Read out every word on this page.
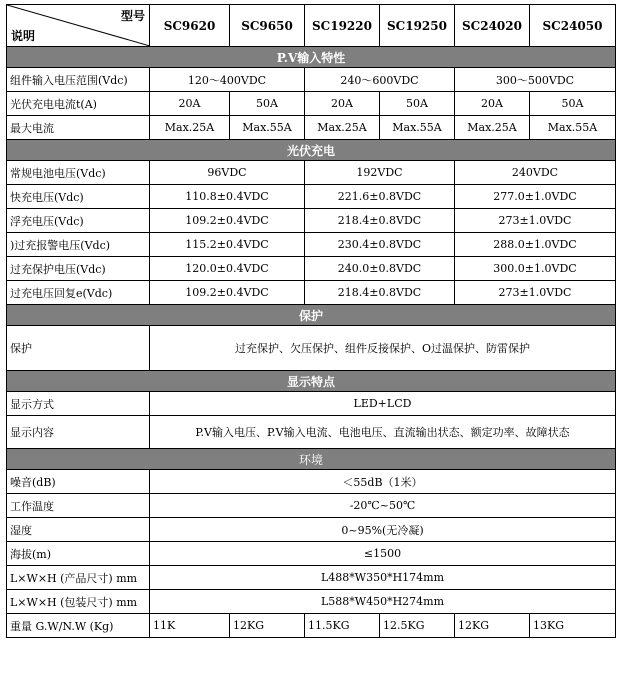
型号
说明	SC9620	SC9650	SC19220	SC19250	SC24020	SC24050
P.V输入特性						
组件输入电压范围(Vdc)	120～400VDC		240～600VDC		300～500VDC	
光伏充电电流t(A)	20A	50A	20A	50A	20A	50A
最大电流	Max.25A	Max.55A	Max.25A	Max.55A	Max.25A	Max.55A
光伏充电						
常规电池电压(Vdc)	96VDC		192VDC		240VDC	
快充电压(Vdc)	110.8±0.4VDC		221.6±0.8VDC		277.0±1.0VDC	
浮充电压(Vdc)	109.2±0.4VDC		218.4±0.8VDC		273±1.0VDC	
)过充报警电压(Vdc)	115.2±0.4VDC		230.4±0.8VDC		288.0±1.0VDC	
过充保护电压(Vdc)	120.0±0.4VDC		240.0±0.8VDC		300.0±1.0VDC	
过充电压回复e(Vdc)	109.2±0.4VDC		218.4±0.8VDC		273±1.0VDC	
保护						
保护	过充保护、欠压保护、组件反接保护、O过温保护、防雷保护					
显示特点						
显示方式	LED+LCD					
显示内容	P.V输入电压、P.V输入电流、电池电压、直流输出状态、额定功率、故障状态					
环境						
噪音(dB)	＜55dB（1米）					
工作温度	-20℃~50℃					
湿度	0~95%(无冷凝)					
海拔(m)	≤1500					
L×W×H (产品尺寸) mm	L488*W350*H174mm					
L×W×H (包装尺寸) mm	L588*W450*H274mm					
重量 G.W/N.W (Kg)	11K	12KG	11.5KG	12.5KG	12KG	13KG
